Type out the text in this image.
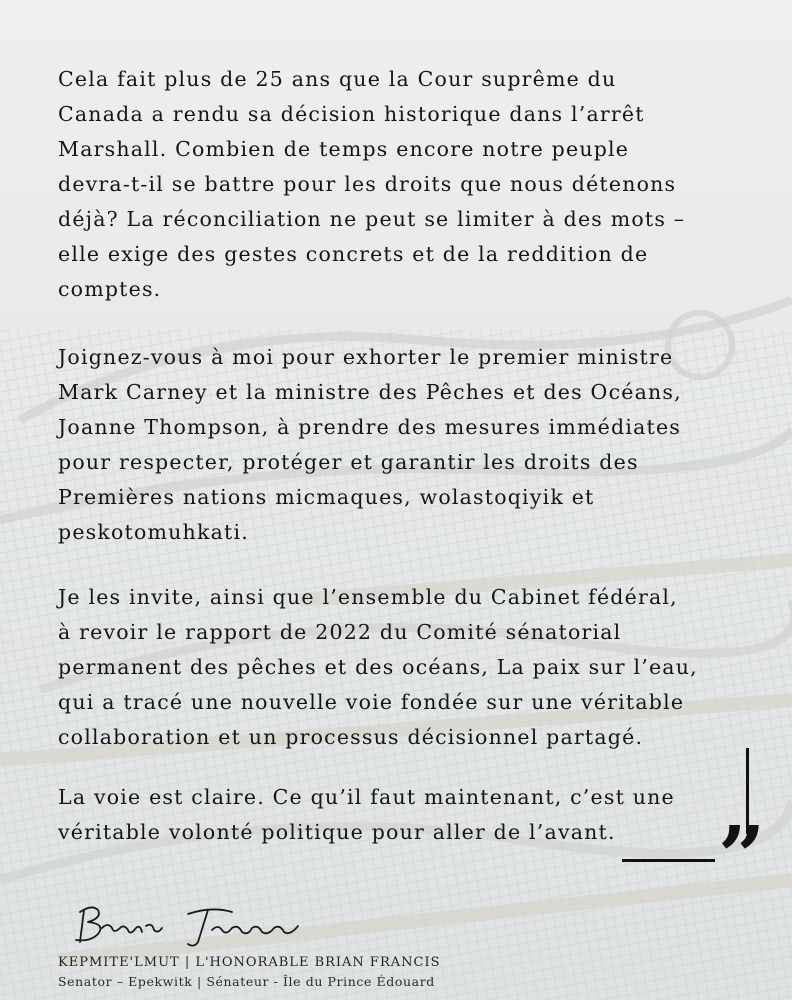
Cela fait plus de 25 ans que la Cour suprême du
Canada a rendu sa décision historique dans l’arrêt
Marshall. Combien de temps encore notre peuple
devra-t-il se battre pour les droits que nous détenons
déjà? La réconciliation ne peut se limiter à des mots –
elle exige des gestes concrets et de la reddition de
comptes.

Joignez-vous à moi pour exhorter le premier ministre
Mark Carney et la ministre des Pêches et des Océans,
Joanne Thompson, à prendre des mesures immédiates
pour respecter, protéger et garantir les droits des
Premières nations micmaques, wolastoqiyik et
peskotomuhkati.

Je les invite, ainsi que l’ensemble du Cabinet fédéral,
à revoir le rapport de 2022 du Comité sénatorial
permanent des pêches et des océans, La paix sur l’eau,
qui a tracé une nouvelle voie fondée sur une véritable
collaboration et un processus décisionnel partagé.

La voie est claire. Ce qu’il faut maintenant, c’est une
véritable volonté politique pour aller de l’avant.	”

KEPMITE'LMUT | L'HONORABLE BRIAN FRANCIS

Senator – Epekwitk | Sénateur - Île du Prince Édouard
